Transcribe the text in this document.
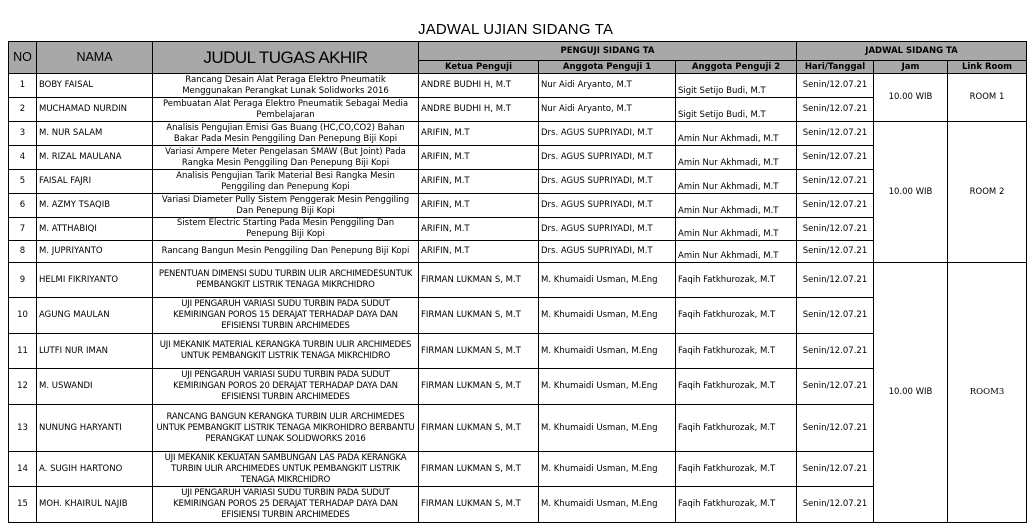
JADWAL UJIAN SIDANG TA
NO	NAMA	JUDUL TUGAS AKHIR	PENGUJI SIDANG TA			JADWAL SIDANG TA		
			Ketua Penguji	Anggota Penguji 1	Anggota Penguji 2	Hari/Tanggal	Jam	Link Room
1	BOBY FAISAL	Rancang Desain Alat Peraga Elektro Pneumatik Menggunakan Perangkat Lunak Solidworks 2016	ANDRE BUDHI H, M.T	Nur Aidi Aryanto, M.T	Sigit Setijo Budi, M.T	Senin/12.07.21	10.00 WIB	ROOM 1
2	MUCHAMAD NURDIN	Pembuatan Alat Peraga Elektro Pneumatik Sebagai Media Pembelajaran	ANDRE BUDHI H, M.T	Nur Aidi Aryanto, M.T	Sigit Setijo Budi, M.T	Senin/12.07.21		
3	M. NUR SALAM	Analisis Pengujian Emisi Gas Buang (HC,CO,CO2) Bahan Bakar Pada Mesin Penggiling Dan Penepung Biji Kopi	ARIFIN, M.T	Drs. AGUS SUPRIYADI, M.T	Amin Nur Akhmadi, M.T	Senin/12.07.21	10.00 WIB	ROOM 2
4	M. RIZAL MAULANA	Variasi Ampere Meter Pengelasan SMAW (But Joint) Pada Rangka Mesin Penggiling Dan Penepung Biji Kopi	ARIFIN, M.T	Drs. AGUS SUPRIYADI, M.T	Amin Nur Akhmadi, M.T	Senin/12.07.21		
5	FAISAL FAJRI	Analisis Pengujian Tarik Material Besi Rangka Mesin Penggiling dan Penepung Kopi	ARIFIN, M.T	Drs. AGUS SUPRIYADI, M.T	Amin Nur Akhmadi, M.T	Senin/12.07.21		
6	M. AZMY TSAQIB	Variasi Diameter Pully Sistem Penggerak Mesin Penggiling Dan Penepung Biji Kopi	ARIFIN, M.T	Drs. AGUS SUPRIYADI, M.T	Amin Nur Akhmadi, M.T	Senin/12.07.21		
7	M. ATTHABIQI	Sistem Electric Starting Pada Mesin Penggiling Dan Penepung Biji Kopi	ARIFIN, M.T	Drs. AGUS SUPRIYADI, M.T	Amin Nur Akhmadi, M.T	Senin/12.07.21		
8	M. JUPRIYANTO	Rancang Bangun Mesin Penggiling Dan Penepung Biji Kopi	ARIFIN, M.T	Drs. AGUS SUPRIYADI, M.T	Amin Nur Akhmadi, M.T	Senin/12.07.21		
9	HELMI FIKRIYANTO	PENENTUAN DIMENSI SUDU TURBIN ULIR ARCHIMEDESUNTUK PEMBANGKIT LISTRIK TENAGA MIKRCHIDRO	FIRMAN LUKMAN S, M.T	M. Khumaidi Usman, M.Eng	Faqih Fatkhurozak, M.T	Senin/12.07.21	10.00 WIB	ROOM3
10	AGUNG MAULAN	UJI PENGARUH VARIASI SUDU TURBIN PADA SUDUT KEMIRINGAN POROS 15 DERAJAT TERHADAP DAYA DAN EFISIENSI TURBIN ARCHIMEDES	FIRMAN LUKMAN S, M.T	M. Khumaidi Usman, M.Eng	Faqih Fatkhurozak, M.T	Senin/12.07.21		
11	LUTFI NUR IMAN	UJI MEKANIK MATERIAL KERANGKA TURBIN ULIR ARCHIMEDES UNTUK PEMBANGKIT LISTRIK TENAGA MIKRCHIDRO	FIRMAN LUKMAN S, M.T	M. Khumaidi Usman, M.Eng	Faqih Fatkhurozak, M.T	Senin/12.07.21		
12	M. USWANDI	UJI PENGARUH VARIASI SUDU TURBIN PADA SUDUT KEMIRINGAN POROS 20 DERAJAT TERHADAP DAYA DAN EFISIENSI TURBIN ARCHIMEDES	FIRMAN LUKMAN S, M.T	M. Khumaidi Usman, M.Eng	Faqih Fatkhurozak, M.T	Senin/12.07.21		
13	NUNUNG HARYANTI	RANCANG BANGUN KERANGKA TURBIN ULIR ARCHIMEDES UNTUK PEMBANGKIT LISTRIK TENAGA MIKROHIDRO BERBANTU PERANGKAT LUNAK SOLIDWORKS 2016	FIRMAN LUKMAN S, M.T	M. Khumaidi Usman, M.Eng	Faqih Fatkhurozak, M.T	Senin/12.07.21		
14	A. SUGIH HARTONO	UJI MEKANIK KEKUATAN SAMBUNGAN LAS PADA KERANGKA TURBIN ULIR ARCHIMEDES UNTUK PEMBANGKIT LISTRIK TENAGA MIKRCHIDRO	FIRMAN LUKMAN S, M.T	M. Khumaidi Usman, M.Eng	Faqih Fatkhurozak, M.T	Senin/12.07.21		
15	MOH. KHAIRUL NAJIB	UJI PENGARUH VARIASI SUDU TURBIN PADA SUDUT KEMIRINGAN POROS 25 DERAJAT TERHADAP DAYA DAN EFISIENSI TURBIN ARCHIMEDES	FIRMAN LUKMAN S, M.T	M. Khumaidi Usman, M.Eng	Faqih Fatkhurozak, M.T	Senin/12.07.21		
